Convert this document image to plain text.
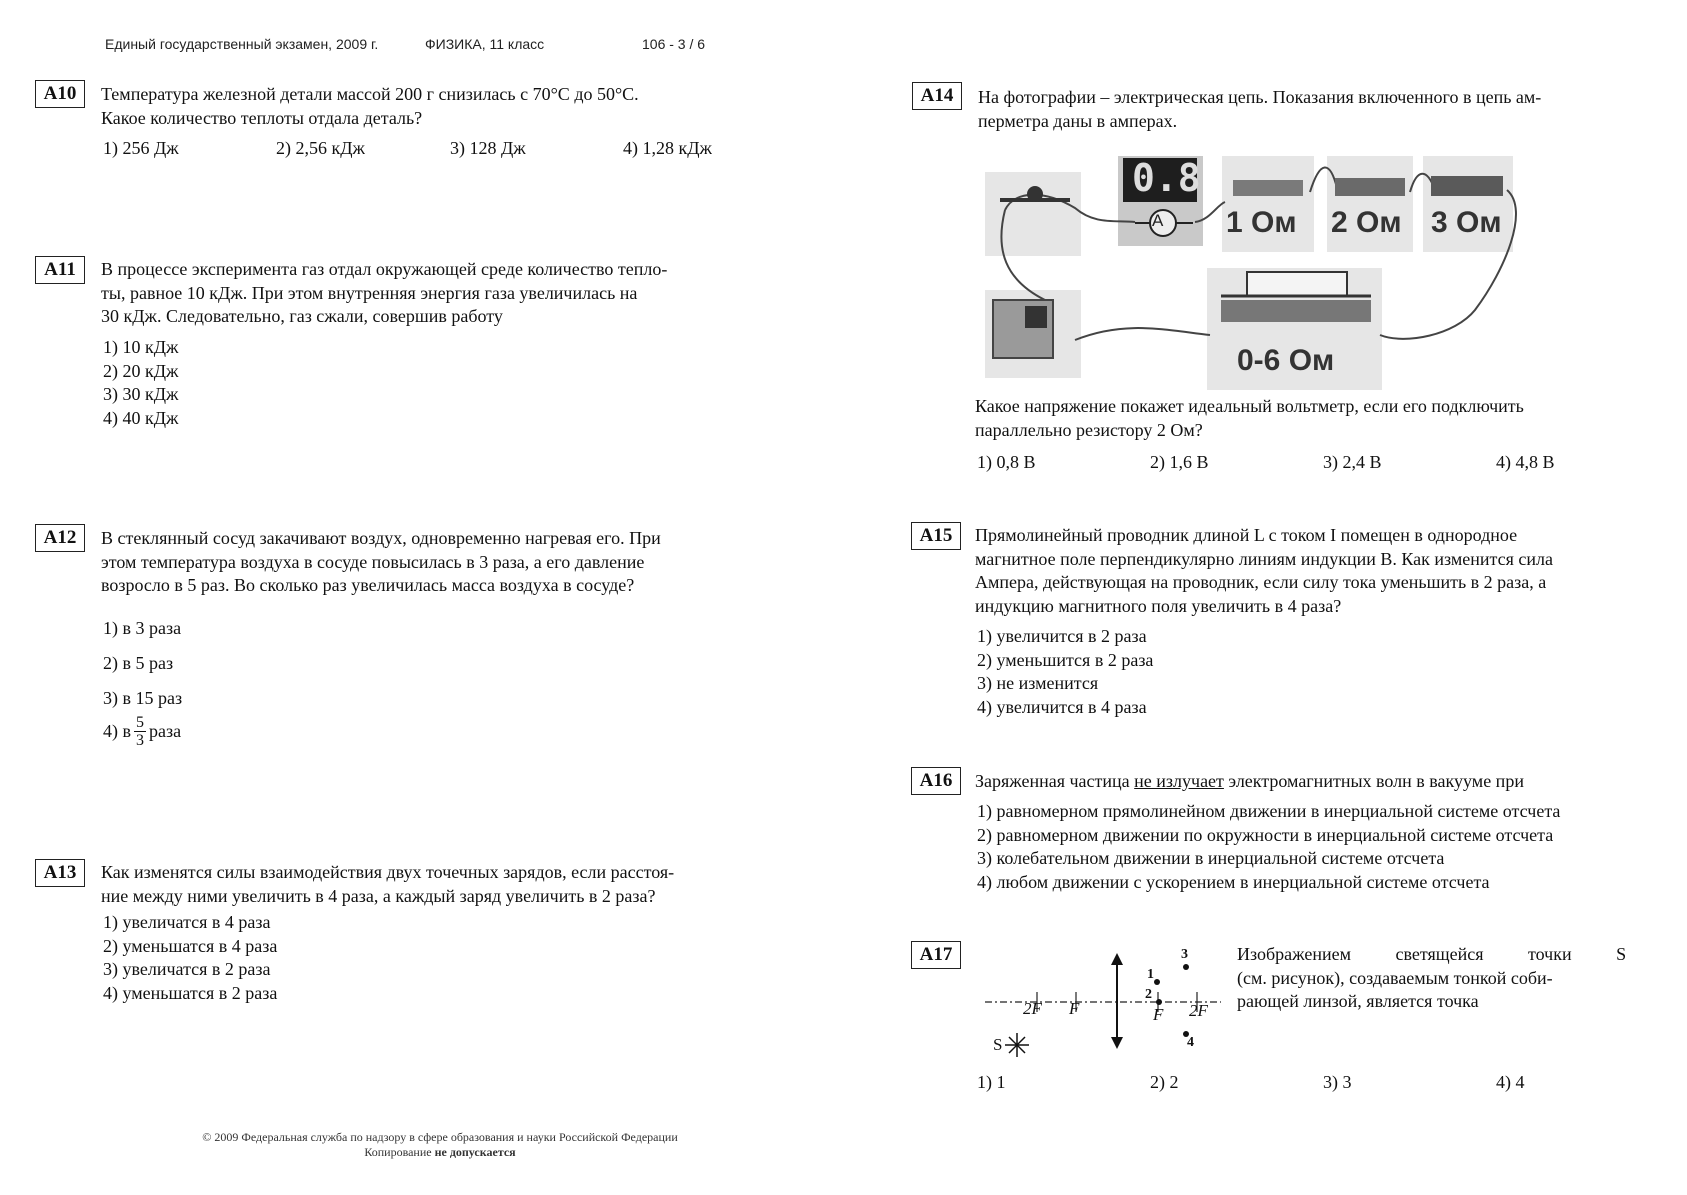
Единый государственный экзамен, 2009 г.	ФИЗИКА, 11 класс	106 - 3 / 6
A10	Температура железной детали массой 200 г снизилась с 70°С до 50°С.
Какое количество теплоты отдала деталь?
1) 256 Дж	2) 2,56 кДж	3) 128 Дж	4) 1,28 кДж
A11	В процессе эксперимента газ отдал окружающей среде количество тепло-
ты, равное 10 кДж. При этом внутренняя энергия газа увеличилась на
30 кДж. Следовательно, газ сжали, совершив работу
1) 10 кДж
2) 20 кДж
3) 30 кДж
4) 40 кДж
A12	В стеклянный сосуд закачивают воздух, одновременно нагревая его. При
этом температура воздуха в сосуде повысилась в 3 раза, а его давление
возросло в 5 раз. Во сколько раз увеличилась масса воздуха в сосуде?
1) в 3 раза
2) в 5 раз
3) в 15 раз
4) в $\frac{5}{3}$ раза
A13	Как изменятся силы взаимодействия двух точечных зарядов, если расстоя-
ние между ними увеличить в 4 раза, а каждый заряд увеличить в 2 раза?
1) увеличатся в 4 раза
2) уменьшатся в 4 раза
3) увеличатся в 2 раза
4) уменьшатся в 2 раза
© 2009 Федеральная служба по надзору в сфере образования и науки Российской Федерации
Копирование не допускается
A14	На фотографии – электрическая цепь. Показания включенного в цепь ам-
перметра даны в амперах.
0.8
A 1 Ом 2 Ом 3 Ом
0-6 Ом
Какое напряжение покажет идеальный вольтметр, если его подключить
параллельно резистору 2 Ом?
1) 0,8 В	2) 1,6 В	3) 2,4 В	4) 4,8 В
A15	Прямолинейный проводник длиной L с током I помещен в однородное
магнитное поле перпендикулярно линиям индукции B. Как изменится сила
Ампера, действующая на проводник, если силу тока уменьшить в 2 раза, а
индукцию магнитного поля увеличить в 4 раза?
1) увеличится в 2 раза
2) уменьшится в 2 раза
3) не изменится
4) увеличится в 4 раза
A16	Заряженная частица не излучает электромагнитных волн в вакууме при
1) равномерном прямолинейном движении в инерциальной системе отсчета
2) равномерном движении по окружности в инерциальной системе отсчета
3) колебательном движении в инерциальной системе отсчета
4) любом движении с ускорением в инерциальной системе отсчета
A17	Изображением светящейся точки S
(см. рисунок), создаваемым тонкой соби-
рающей линзой, является точка
2F F	F 2F
S
1
2
3
4
1) 1	2) 2	3) 3	4) 4
